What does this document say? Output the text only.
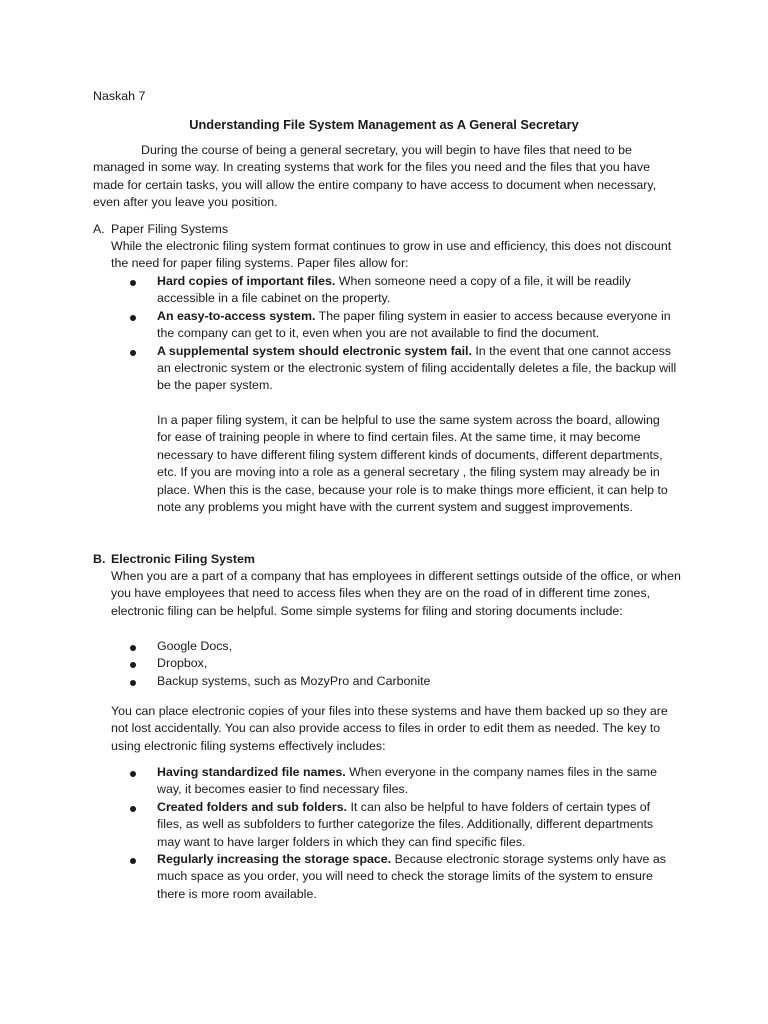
Naskah 7

Understanding File System Management as A General Secretary

During the course of being a general secretary, you will begin to have files that need to be managed in some way. In creating systems that work for the files you need and the files that you have made for certain tasks, you will allow the entire company to have access to document when necessary, even after you leave you position.

A. Paper Filing Systems

While the electronic filing system format continues to grow in use and efficiency, this does not discount the need for paper filing systems. Paper files allow for:

Hard copies of important files. When someone need a copy of a file, it will be readily accessible in a file cabinet on the property.
An easy-to-access system. The paper filing system in easier to access because everyone in the company can get to it, even when you are not available to find the document.
A supplemental system should electronic system fail. In the event that one cannot access an electronic system or the electronic system of filing accidentally deletes a file, the backup will be the paper system.

In a paper filing system, it can be helpful to use the same system across the board, allowing for ease of training people in where to find certain files. At the same time, it may become necessary to have different filing system different kinds of documents, different departments, etc. If you are moving into a role as a general secretary , the filing system may already be in place. When this is the case, because your role is to make things more efficient, it can help to note any problems you might have with the current system and suggest improvements.

B. Electronic Filing System

When you are a part of a company that has employees in different settings outside of the office, or when you have employees that need to access files when they are on the road of in different time zones, electronic filing can be helpful. Some simple systems for filing and storing documents include:

Google Docs,
Dropbox,
Backup systems, such as MozyPro and Carbonite

You can place electronic copies of your files into these systems and have them backed up so they are not lost accidentally. You can also provide access to files in order to edit them as needed. The key to using electronic filing systems effectively includes:

Having standardized file names. When everyone in the company names files in the same way, it becomes easier to find necessary files.
Created folders and sub folders. It can also be helpful to have folders of certain types of files, as well as subfolders to further categorize the files. Additionally, different departments may want to have larger folders in which they can find specific files.
Regularly increasing the storage space. Because electronic storage systems only have as much space as you order, you will need to check the storage limits of the system to ensure there is more room available.
